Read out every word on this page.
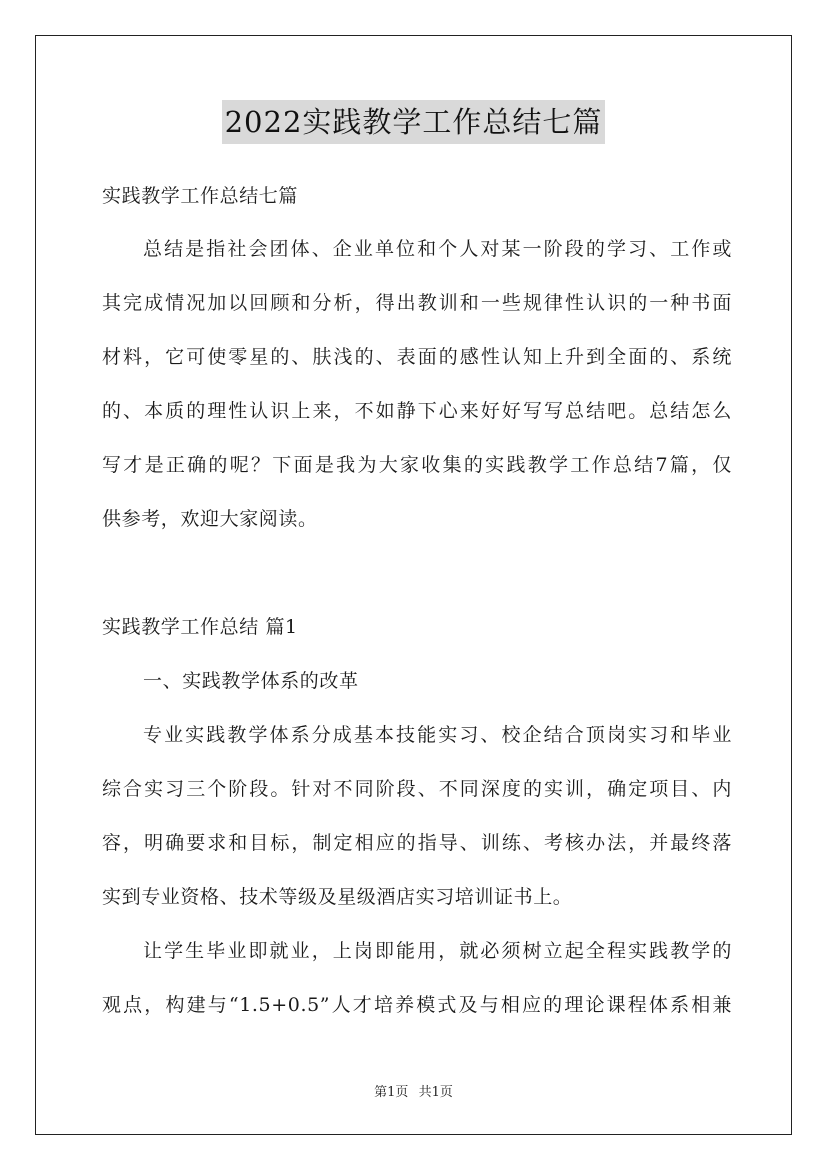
2022实践教学工作总结七篇
实践教学工作总结七篇
总结是指社会团体、企业单位和个人对某一阶段的学习、工作或
其完成情况加以回顾和分析，得出教训和一些规律性认识的一种书面
材料，它可使零星的、肤浅的、表面的感性认知上升到全面的、系统
的、本质的理性认识上来，不如静下心来好好写写总结吧。总结怎么
写才是正确的呢？下面是我为大家收集的实践教学工作总结7篇，仅
供参考，欢迎大家阅读。
实践教学工作总结 篇1
一、实践教学体系的改革
专业实践教学体系分成基本技能实习、校企结合顶岗实习和毕业
综合实习三个阶段。针对不同阶段、不同深度的实训，确定项目、内
容，明确要求和目标，制定相应的指导、训练、考核办法，并最终落
实到专业资格、技术等级及星级酒店实习培训证书上。
让学生毕业即就业，上岗即能用，就必须树立起全程实践教学的
观点，构建与“1.5+0.5”人才培养模式及与相应的理论课程体系相兼
第1页 共1页
